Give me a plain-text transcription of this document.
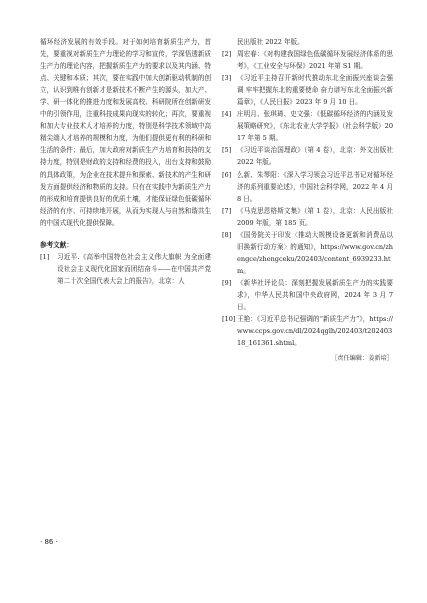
循环经济发展的有效手段。对于如何培育新质生产力，首先，要重视对新质生产力理论的学习和宣传，学深悟透新质生产力的理论内容，把握新质生产力的要求以及其内涵、特点、关键和本质；其次，要在实践中加大创新驱动机制的创立，认识到唯有创新才是新技术不断产生的源头，加大产、学、研一体化的推进力度和发展高校、科研院所在创新研发中的引领作用，注重科技成果向现实的转化；再次，要重视和加大专业技术人才培养的力度，特别是科学技术领域中高精尖端人才培养的规模和力度，为他们提供更有利的科研和生活的条件；最后，加大政府对新质生产力培育和扶持的支持力度，特别是财政的支持和经费的投入，出台支持和鼓励的具体政策，为企业在技术提升和探索、新技术的产生和研发方面提供经济和物质的支持。只有在实践中为新质生产力的形成和培育提供良好的优质土壤，才能保证绿色低碳循环经济的有序、可持续地开展，从而为实现人与自然和谐共生的中国式现代化提供保障。

参考文献：

[1] 习近平.《高举中国特色社会主义伟大旗帜 为全面建设社会主义现代化国家而团结奋斗——在中国共产党第二十次全国代表大会上的报告》，北京：人

民出版社 2022 年版。

[2] 周宏春：《对构建我国绿色低碳循环发展经济体系的思考》，《工业安全与环保》2021 年第 S1 期。

[3] 《习近平主持召开新时代推动东北全面振兴座谈会强调 牢牢把握东北的重要使命 奋力谱写东北全面振兴新篇章》，《人民日报》2023 年 9 月 10 日。

[4] 庄明月、张琪琦、史文强：《低碳循环经济的内涵及发展策略研究》，《东北农业大学学报》（社会科学版）2017 年第 5 期。

[5] 《习近平谈治国理政》（第 4 卷），北京：外文出版社 2022 年版。

[6] 么新、朱琴阳：《深入学习领会习近平总书记对循环经济的系列重要论述》，中国社会科学网，2022 年 4 月 8 日。

[7] 《马克思恩格斯文集》（第 1 卷），北京：人民出版社 2009 年版，第 185 页。

[8] 《国务院关于印发〈推动大规模设备更新和消费品以旧换新行动方案〉的通知》，https://www.gov.cn/zhengce/zhengceku/202403/content_6939233.htm。

[9] 《新华社评论员：深刻把握发展新质生产力的实践要求》，中华人民共和国中央政府网，2024 年 3 月 7 日。

[10] 王艳：《习近平总书记强调的“新质生产力”》，https://www.ccps.gov.cn/dl/2024qglh/202403/t20240318_161361.shtml。

［责任编辑：姜新培］
· 86 ·
